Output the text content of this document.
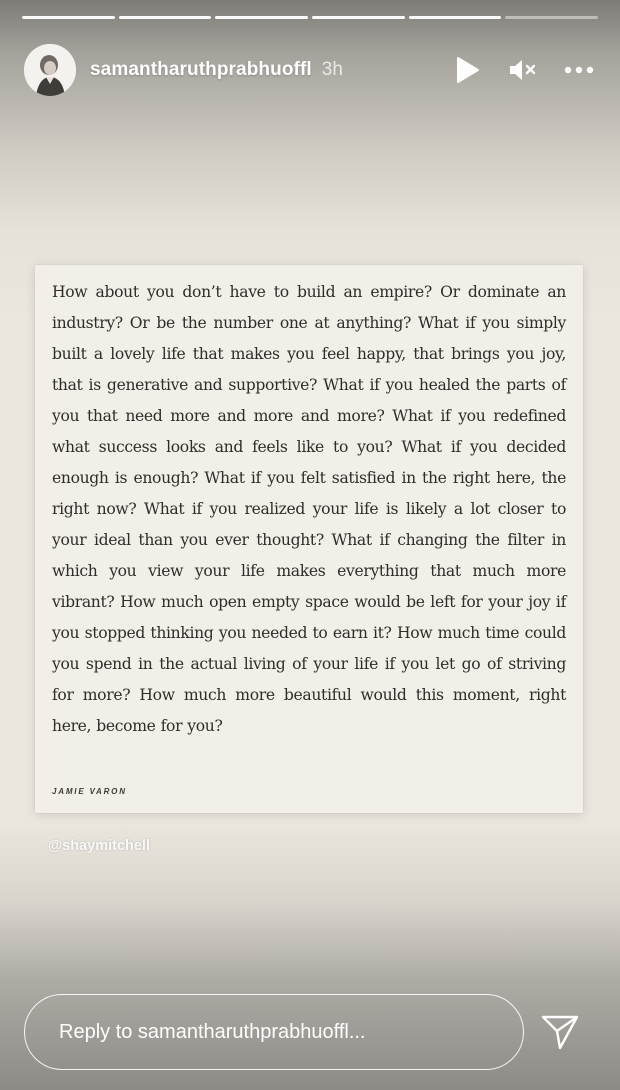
samantharuthprabhuoffl 3h

How about you don’t have to build an empire? Or dominate an industry? Or be the number one at anything? What if you simply built a lovely life that makes you feel happy, that brings you joy, that is generative and supportive? What if you healed the parts of you that need more and more and more? What if you redefined what success looks and feels like to you? What if you decided enough is enough? What if you felt satisfied in the right here, the right now? What if you realized your life is likely a lot closer to your ideal than you ever thought? What if changing the filter in which you view your life makes everything that much more vibrant? How much open empty space would be left for your joy if you stopped thinking you needed to earn it? How much time could you spend in the actual living of your life if you let go of striving for more? How much more beautiful would this moment, right here, become for you?

JAMIE VARON
@shaymitchell
Reply to samantharuthprabhuoffl...
